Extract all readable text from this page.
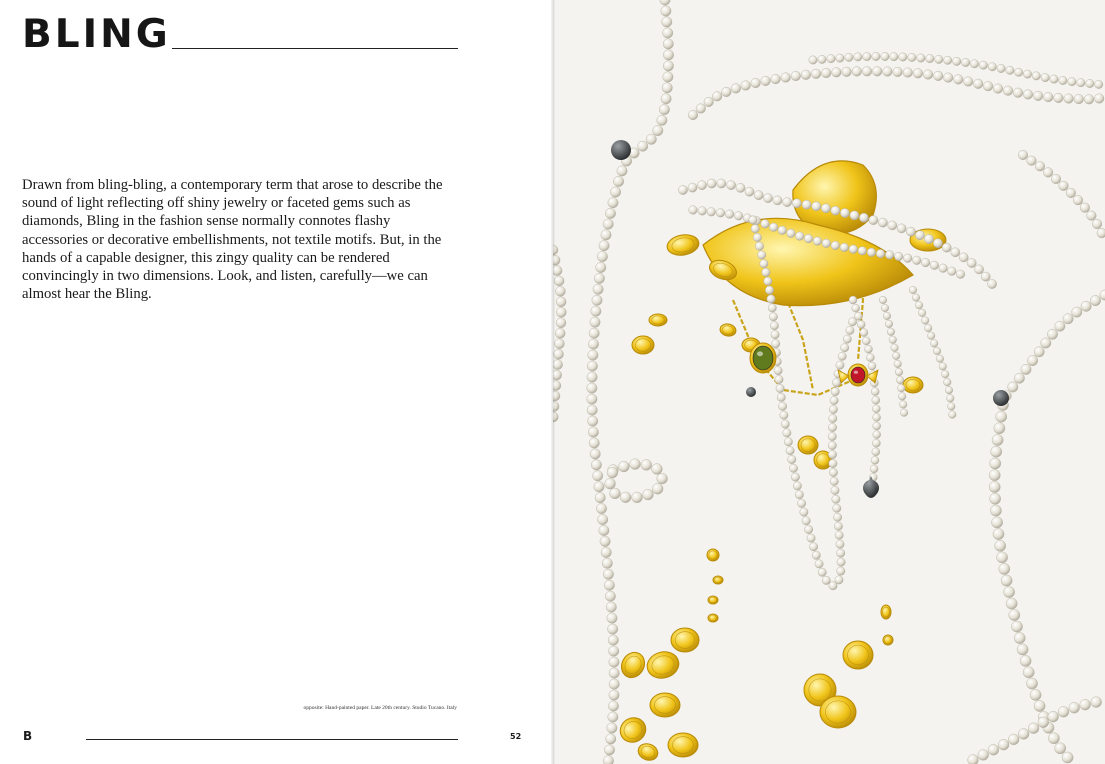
BLING

Drawn from bling-bling, a contemporary term that arose to describe the sound of light reflecting off shiny jewelry or faceted gems such as diamonds, Bling in the fashion sense normally connotes flashy accessories or decorative embellishments, not textile motifs. But, in the hands of a capable designer, this zingy quality can be rendered convincingly in two dimensions. Look, and listen, carefully—we can almost hear the Bling.

opposite: Hand-painted paper. Late 20th century. Studio Tucano. Italy

B	52
